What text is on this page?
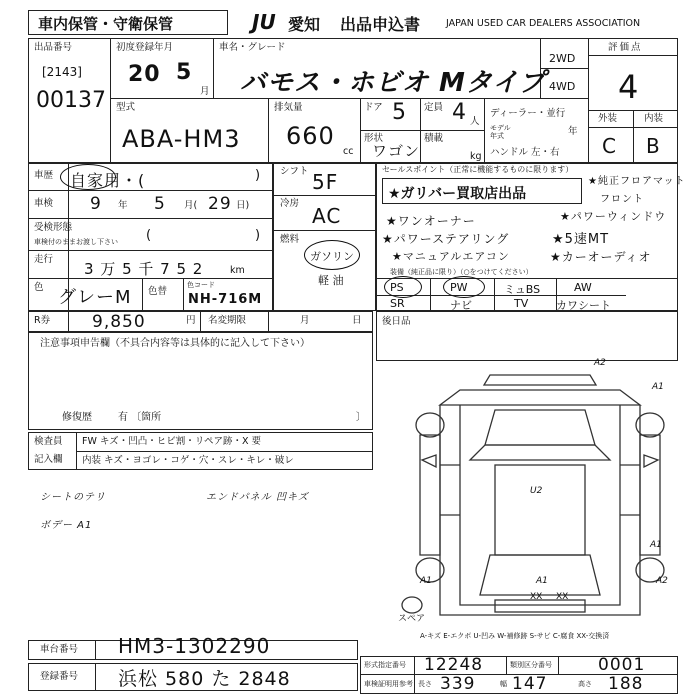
車内保管・守衛保管	JU 愛知 出品申込書	JAPAN USED CAR DEALERS ASSOCIATION
出品番号
[2143]
00137
初度登録年月
20 5
月
車名・グレード
バモス・ホビオ Mタイプ
2WD
4WD
評価点
4
外装	内装
C B
型式
ABA-HM3
排気量
660
cc
ドア 5 定員 4 人
形状
ワゴン
積載
kg
ディーラー・並行
モデル年式	年
ハンドル 左・右
車歴 自家用・(	)
車検 9 年 5 月( 29 日)
受検形態
車検付のままお渡し下さい (	)
走行
3 万 5 千 7 5 2	km
色 グレーM 色替
色コード
NH-716M
シフト 5F
冷房
AC
燃料
ガソリン
軽 油
セールスポイント（正常に機能するものに限ります）
★ガリバー買取店出品
★純正フロアマット
フロント
★パワーウィンドウ
★ワンオーナー
★パワーステアリング	★5速MT
★マニュアルエアコン	★カーオーディオ
装備（純正品に限り）（○をつけてください）
PS	PW	ミュBS	AW
SR	ナビ	TV	カワシート
R券 9,850	円 名変期限	月	日 後日品
注意事項申告欄（不具合内容等は具体的に記入して下さい）
修復歴	有 〔箇所	〕
検査員
記入欄
FW キズ・凹凸・ヒビ割・リペア跡・X 要
内装 キズ・ヨゴレ・コゲ・穴・スレ・キレ・破レ
シートのテリ
ボデー A1
エンドパネル 凹キズ
A2
A1
A1
A1	A1	A2
U2
XX XX
スペア
A-キズ E-エクボ U-凹み W-補修跡 S-サビ C-腐食 XX-交換済
車台番号 HM3-1302290
登録番号 浜松 580 た 2848
形式指定番号 12248	類別区分番号	0001
車検証明用参考 長さ 339	幅 147	高さ 188
